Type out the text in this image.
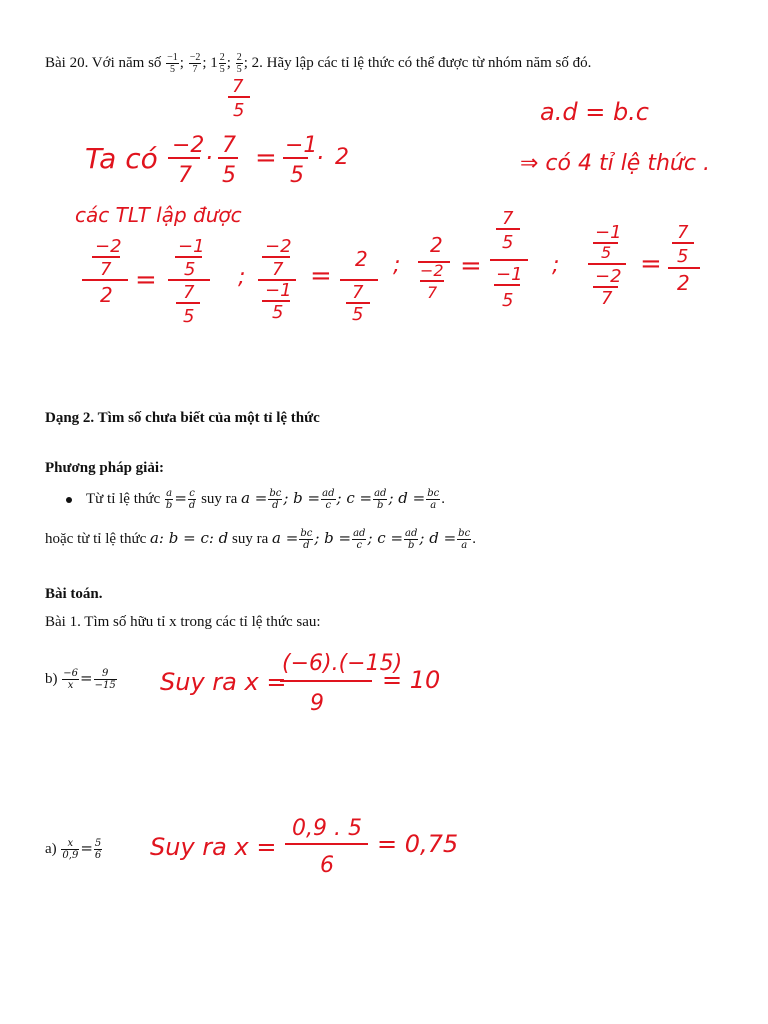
Bài 20. Với năm số $\frac{-1}{5}$ ; $\frac{-2}{7}$ ; $1 \frac{2}{5}$ ; $\frac{2}{5}$ ; 2. Hãy lập các tỉ lệ thức có thể được từ nhóm năm số đó.
7
5	a.d = b.c
⇒ có 4 tỉ lệ thức .
Ta có −2
7
· 7
5
= −1
5
· 2
các TLT lập được
−2
7
2 =
−1
5
7
5
;
−2
7
−1
5
=
2
7
5
;
2
−2
7
=
7
5
−1
5
;
−1
5
−2
7
=
7
5
2
Dạng 2. Tìm số chưa biết của một tỉ lệ thức
Phương pháp giải:
Từ tỉ lệ thức $\frac{a}{b} = \frac{c}{d}$ suy ra $a = \frac{bc}{d}$ ; $b = \frac{ad}{c}$ ; $c = \frac{ad}{b}$ ; $d = \frac{bc}{a}$ .
hoặc từ tỉ lệ thức a: b = c: d suy ra $a = \frac{bc}{d}$ ; $b = \frac{ad}{c}$ ; $c = \frac{ad}{b}$ ; $d = \frac{bc}{a}$ .
Bài toán.
Bài 1. Tìm số hữu tỉ x trong các tỉ lệ thức sau:
$b) \frac{-6}{x} = \frac{9}{-15}$
$a) \frac{x}{0,9} = \frac{5}{6}$
Suy ra x =
(−6).(−15)
9
= 10
Suy ra x =
0,9 . 5
6
= 0,75
